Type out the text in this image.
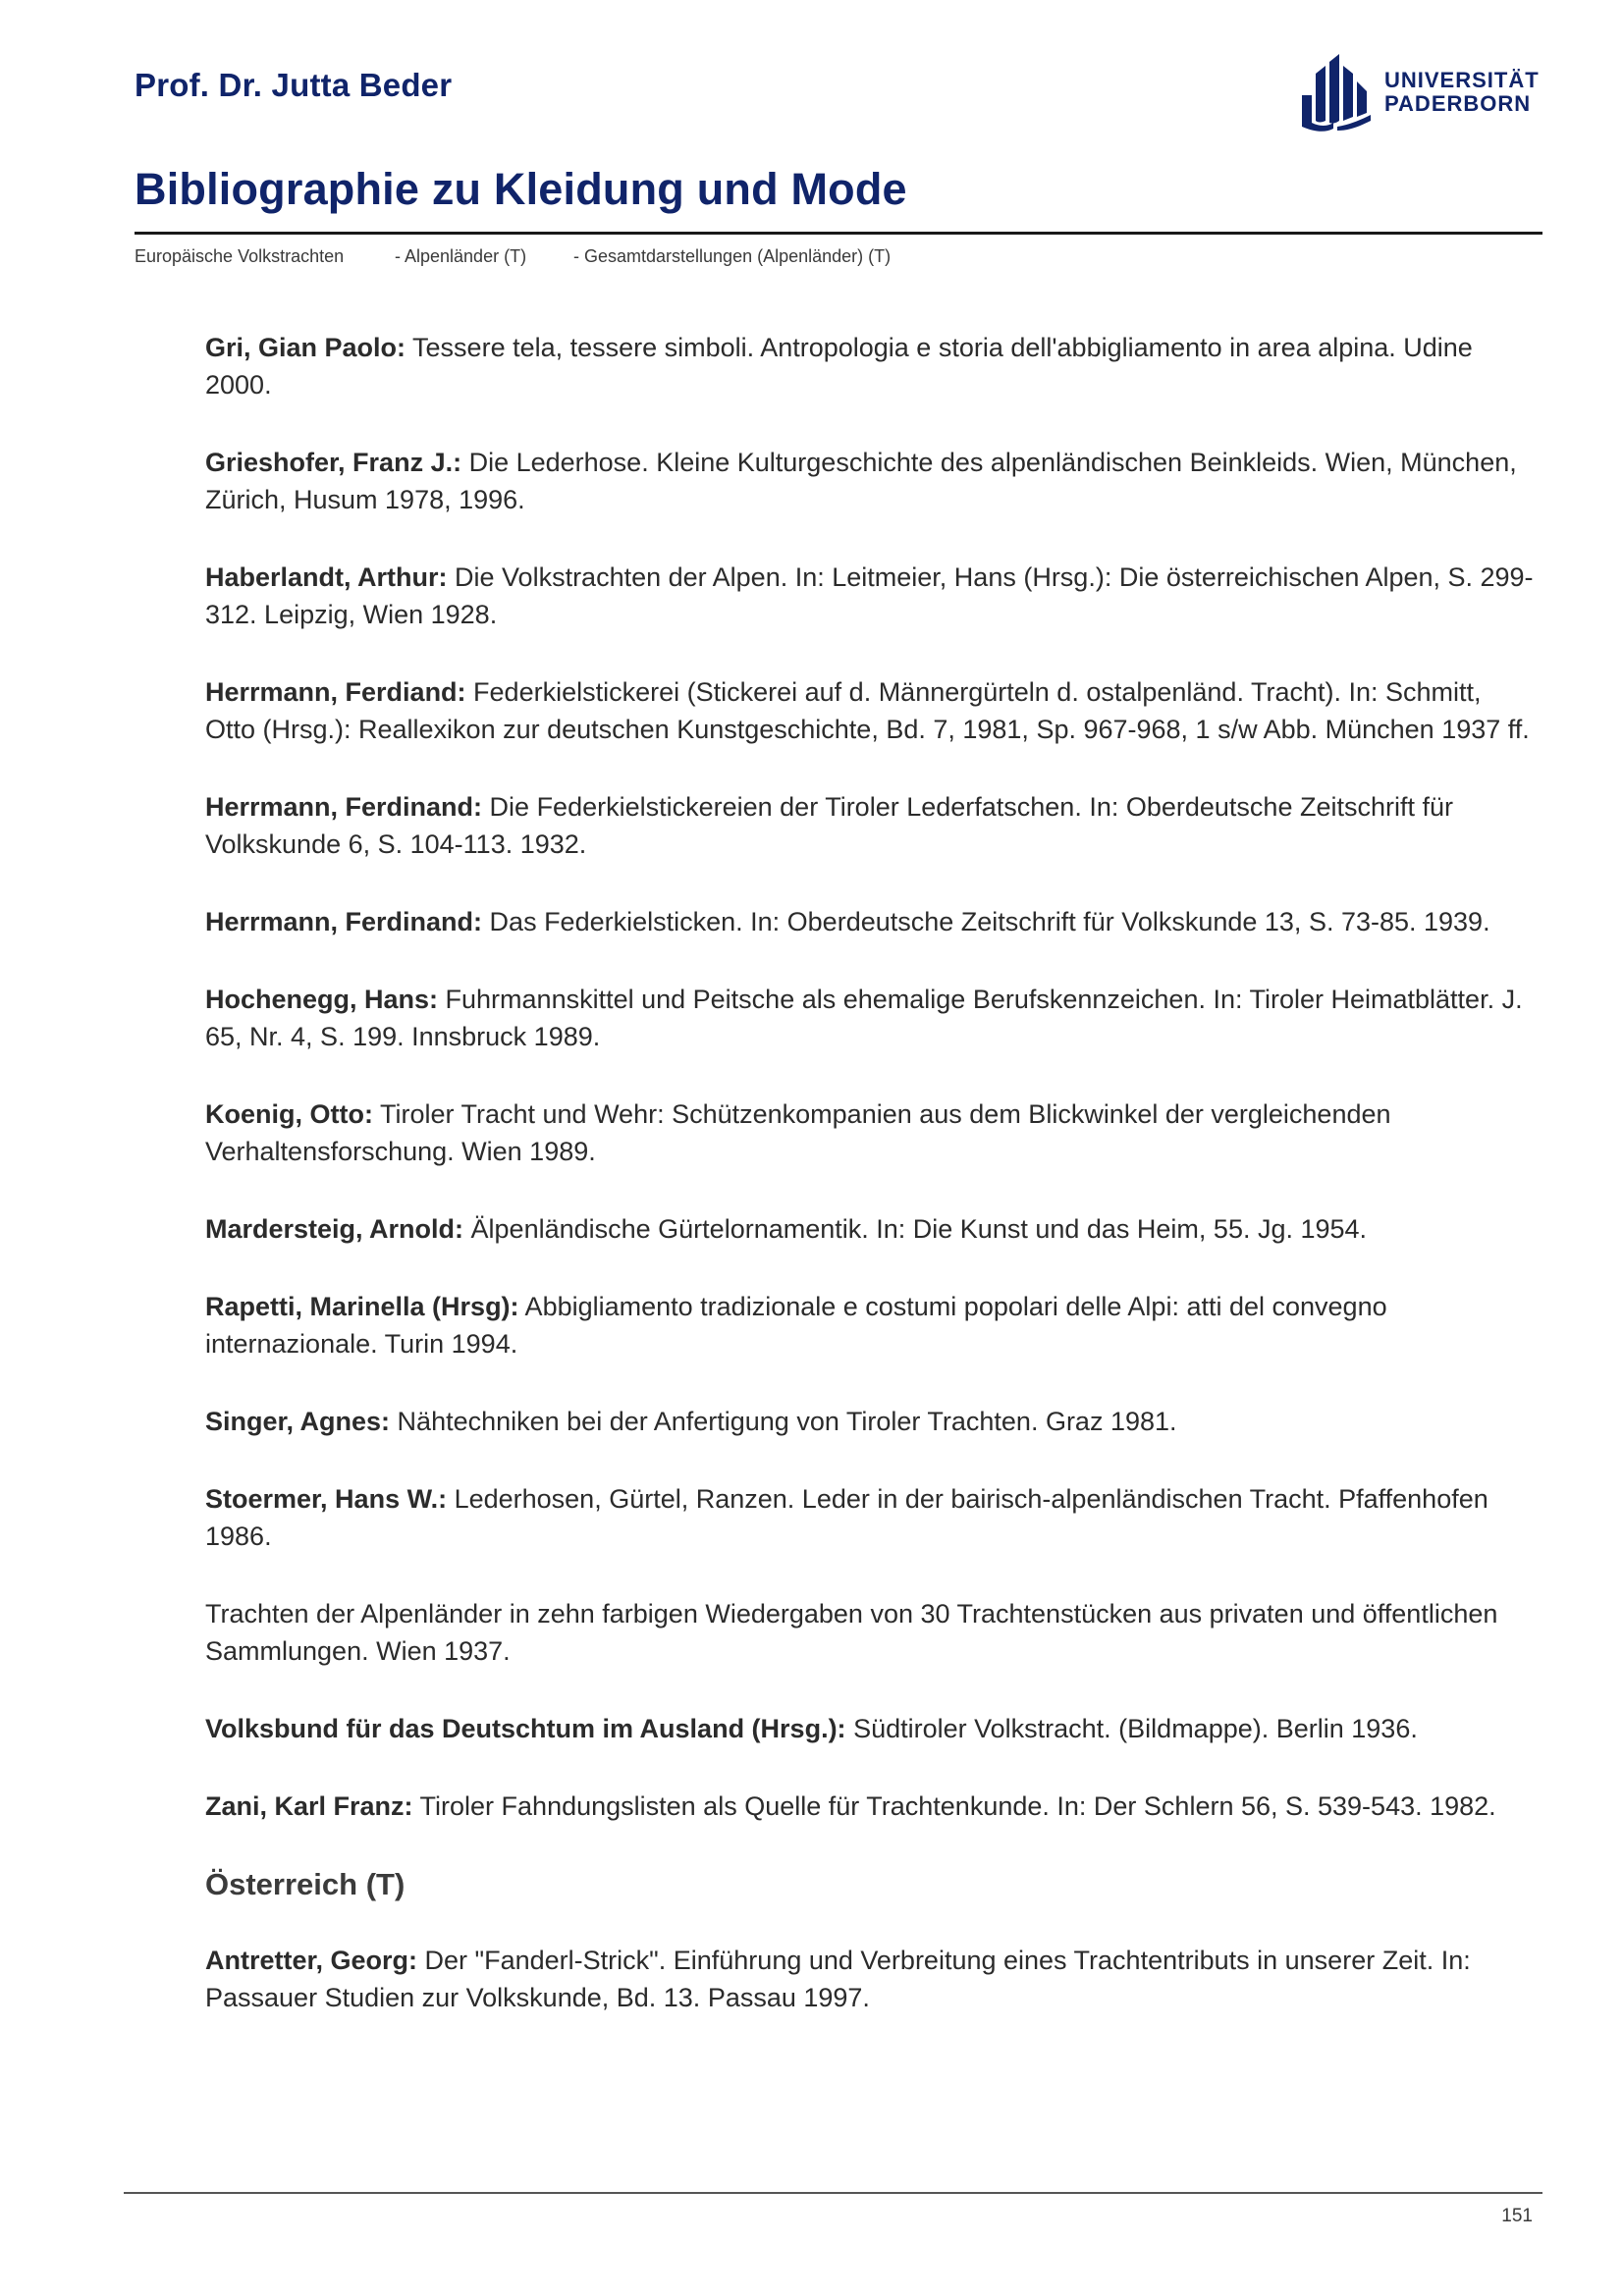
Prof. Dr. Jutta Beder	UNIVERSITÄT
PADERBORN
Bibliographie zu Kleidung und Mode
Europäische Volkstrachten	- Alpenländer (T)	- Gesamtdarstellungen (Alpenländer) (T)

Gri, Gian Paolo: Tessere tela, tessere simboli. Antropologia e storia dell'abbigliamento in area alpina. Udine 2000.

Grieshofer, Franz J.: Die Lederhose. Kleine Kulturgeschichte des alpenländischen Beinkleids. Wien, München, Zürich, Husum 1978, 1996.

Haberlandt, Arthur: Die Volkstrachten der Alpen. In: Leitmeier, Hans (Hrsg.): Die österreichischen Alpen, S. 299-312. Leipzig, Wien 1928.

Herrmann, Ferdiand: Federkielstickerei (Stickerei auf d. Männergürteln d. ostalpenländ. Tracht). In: Schmitt, Otto (Hrsg.): Reallexikon zur deutschen Kunstgeschichte, Bd. 7, 1981, Sp. 967-968, 1 s/w Abb. München 1937 ff.

Herrmann, Ferdinand: Die Federkielstickereien der Tiroler Lederfatschen. In: Oberdeutsche Zeitschrift für Volkskunde 6, S. 104-113. 1932.

Herrmann, Ferdinand: Das Federkielsticken. In: Oberdeutsche Zeitschrift für Volkskunde 13, S. 73-85. 1939.

Hochenegg, Hans: Fuhrmannskittel und Peitsche als ehemalige Berufskennzeichen. In: Tiroler Heimatblätter. J. 65, Nr. 4, S. 199. Innsbruck 1989.

Koenig, Otto: Tiroler Tracht und Wehr: Schützenkompanien aus dem Blickwinkel der vergleichenden Verhaltensforschung. Wien 1989.

Mardersteig, Arnold: Älpenländische Gürtelornamentik. In: Die Kunst und das Heim, 55. Jg. 1954.

Rapetti, Marinella (Hrsg): Abbigliamento tradizionale e costumi popolari delle Alpi: atti del convegno internazionale. Turin 1994.

Singer, Agnes: Nähtechniken bei der Anfertigung von Tiroler Trachten. Graz 1981.

Stoermer, Hans W.: Lederhosen, Gürtel, Ranzen. Leder in der bairisch-alpenländischen Tracht. Pfaffenhofen 1986.

Trachten der Alpenländer in zehn farbigen Wiedergaben von 30 Trachtenstücken aus privaten und öffentlichen Sammlungen. Wien 1937.

Volksbund für das Deutschtum im Ausland (Hrsg.): Südtiroler Volkstracht. (Bildmappe). Berlin 1936.

Zani, Karl Franz: Tiroler Fahndungslisten als Quelle für Trachtenkunde. In: Der Schlern 56, S. 539-543. 1982.

Österreich (T)

Antretter, Georg: Der "Fanderl-Strick". Einführung und Verbreitung eines Trachtentributs in unserer Zeit. In: Passauer Studien zur Volkskunde, Bd. 13. Passau 1997.

151
